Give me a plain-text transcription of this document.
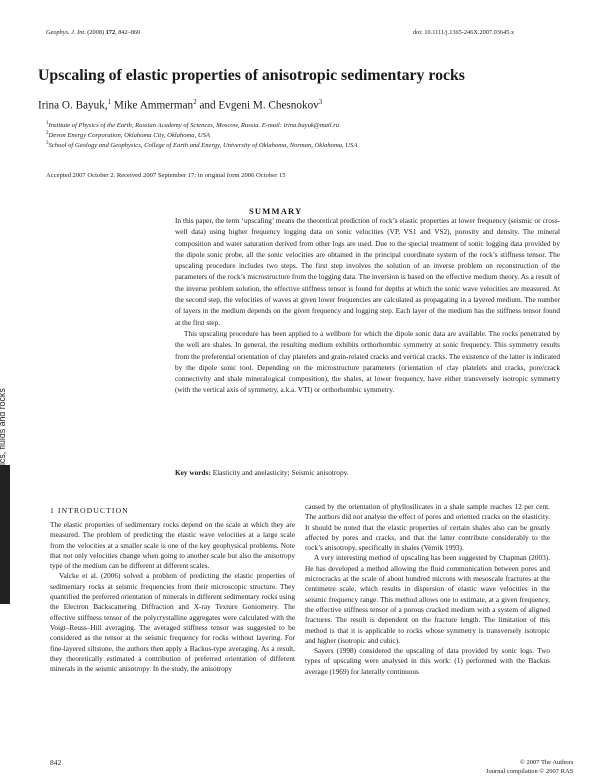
Geophys. J. Int. (2008) 172, 842–860	doi: 10.1111/j.1365-246X.2007.03645.x
Upscaling of elastic properties of anisotropic sedimentary rocks
Irina O. Bayuk,$^1$ Mike Ammerman$^2$ and Evgeni M. Chesnokov$^3$
$^1$Institute of Physics of the Earth, Russian Academy of Sciences, Moscow, Russia. E-mail: irina.bayuk@mail.ru
$^2$Devon Energy Corporation, Oklahoma City, Oklahoma, USA
$^3$School of Geology and Geophysics, College of Earth and Energy, University of Oklahoma, Norman, Oklahoma, USA
Accepted 2007 October 2. Received 2007 September 17; in original form 2006 October 15
SUMMARY

In this paper, the term ‘upscaling’ means the theoretical prediction of rock’s elastic properties at lower frequency (seismic or cross-well data) using higher frequency logging data on sonic velocities (VP, VS1 and VS2), porosity and density. The mineral composition and water saturation derived from other logs are used. Due to the special treatment of sonic logging data provided by the dipole sonic probe, all the sonic velocities are obtained in the principal coordinate system of the rock’s stiffness tensor. The upscaling procedure includes two steps. The first step involves the solution of an inverse problem on reconstruction of the parameters of the rock’s microstructure from the logging data. The inversion is based on the effective medium theory. As a result of the inverse problem solution, the effective stiffness tensor is found for depths at which the sonic wave velocities are measured. At the second step, the velocities of waves at given lower frequencies are calculated as propagating in a layered medium. The number of layers in the medium depends on the given frequency and logging step. Each layer of the medium has the stiffness tensor found at the first step.

This upscaling procedure has been applied to a wellbore for which the dipole sonic data are available. The rocks penetrated by the well are shales. In general, the resulting medium exhibits orthorhombic symmetry at sonic frequency. This symmetry results from the preferential orientation of clay platelets and grain-related cracks and vertical cracks. The existence of the latter is indicated by the dipole sonic tool. Depending on the microstructure parameters (orientation of clay platelets and cracks, pore/crack connectivity and shale mineralogical composition), the shales, at lower frequency, have either transversely isotropic symmetry (with the vertical axis of symmetry, a.k.a. VTI) or orthorhombic symmetry.

Key words: Elasticity and anelasticity; Seismic anisotropy.
1 INTRODUCTION

The elastic properties of sedimentary rocks depend on the scale at which they are measured. The problem of predicting the elastic wave velocities at a large scale from the velocities at a smaller scale is one of the key geophysical problems. Note that not only velocities change when going to another scale but also the anisotropy type of the medium can be different at different scales.

Valcke et al. (2006) solved a problem of predicting the elastic properties of sedimentary rocks at seismic frequencies from their microscopic structure. They quantified the preferred orientation of minerals in different sedimentary rocks using the Electron Backscattering Diffraction and X-ray Texture Goniometry. The effective stiffness tensor of the polycrystalline aggregates were calculated with the Voigt–Reuss–Hill averaging. The averaged stiffness tensor was suggested to be considered as the tensor at the seismic frequency for rocks without layering. For fine-layered siltstone, the authors then apply a Backus-type averaging. As a result, they theoretically estimated a contribution of preferred orientation of different minerals in the seismic anisotropy. In the study, the anisotropy

caused by the orientation of phyllosilicates in a shale sample reaches 12 per cent. The authors did not analyse the effect of pores and oriented cracks on the elasticity. It should be noted that the elastic properties of certain shales also can be greatly affected by pores and cracks, and that the latter contribute considerably to the rock’s anisotropy, specifically in shales (Vernik 1993).

A very interesting method of upscaling has been suggested by Chapman (2003). He has developed a method allowing the fluid communication between pores and microcracks at the scale of about hundred microns with mesoscale fractures at the centimetre scale, which results in dispersion of elastic wave velocities in the seismic frequency range. This method allows one to estimate, at a given frequency, the effective stiffness tensor of a porous cracked medium with a system of aligned fractures. The result is dependent on the fracture length. The limitation of this method is that it is applicable to rocks whose symmetry is transversely isotropic and higher (isotropic and cubic).

Sayers (1998) considered the upscaling of data provided by sonic logs. Two types of upscaling were analysed in this work: (1) performed with the Backus average (1969) for laterally continuous

842	© 2007 The Authors
Journal compilation © 2007 RAS
